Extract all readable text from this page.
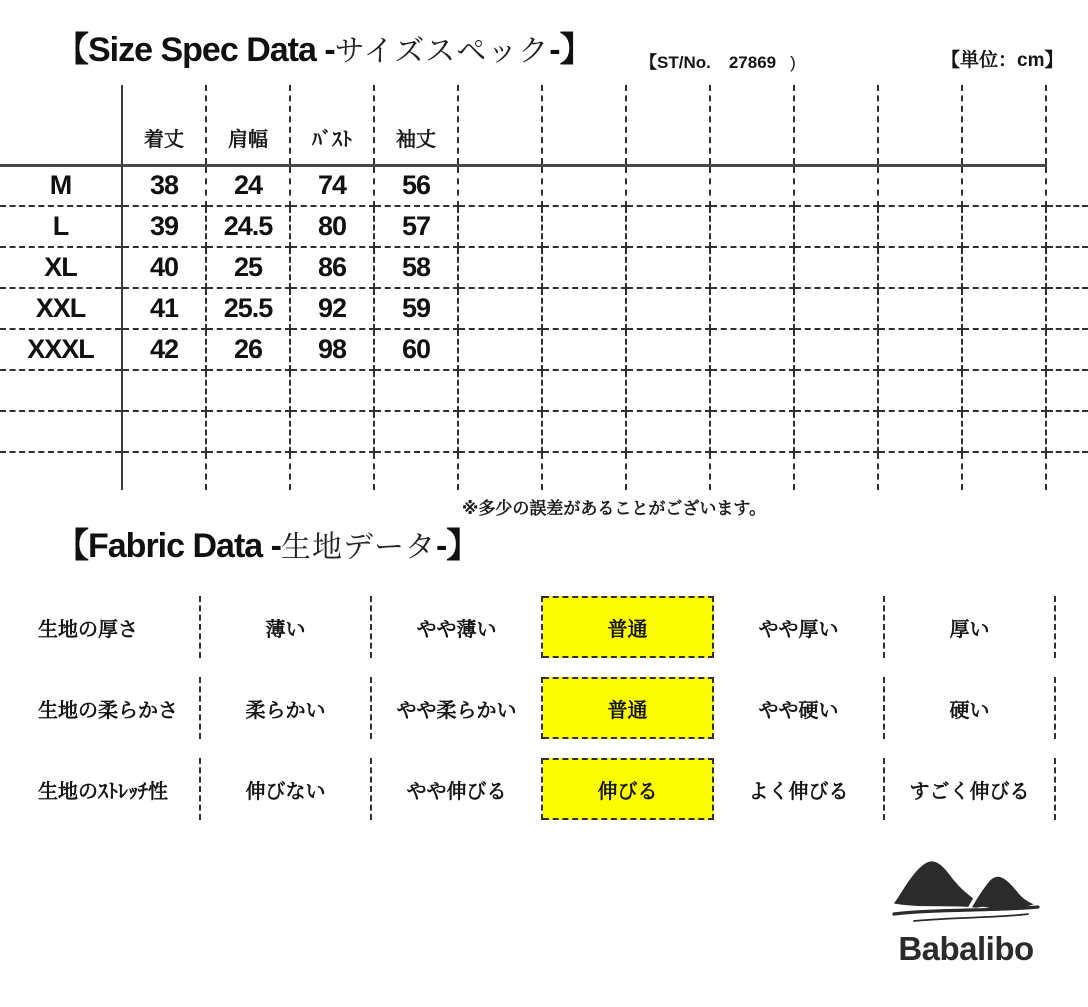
【Size Spec Data -サイズスペック-】	【ST/No. 27869 )	【単位：cm】
	着丈	肩幅	ﾊﾞｽﾄ	袖丈								
M	38	24	74	56								
L	39	24.5	80	57								
XL	40	25	86	58								
XXL	41	25.5	92	59								
XXXL	42	26	98	60								

※多少の誤差があることがございます。
【Fabric Data -生地データ-】
生地の厚さ	薄い	やや薄い	普通	やや厚い	厚い
生地の柔らかさ	柔らかい	やや柔らかい	普通	やや硬い	硬い
生地のｽﾄﾚｯﾁ性	伸びない	やや伸びる	伸びる	よく伸びる	すごく伸びる
Babalibo
